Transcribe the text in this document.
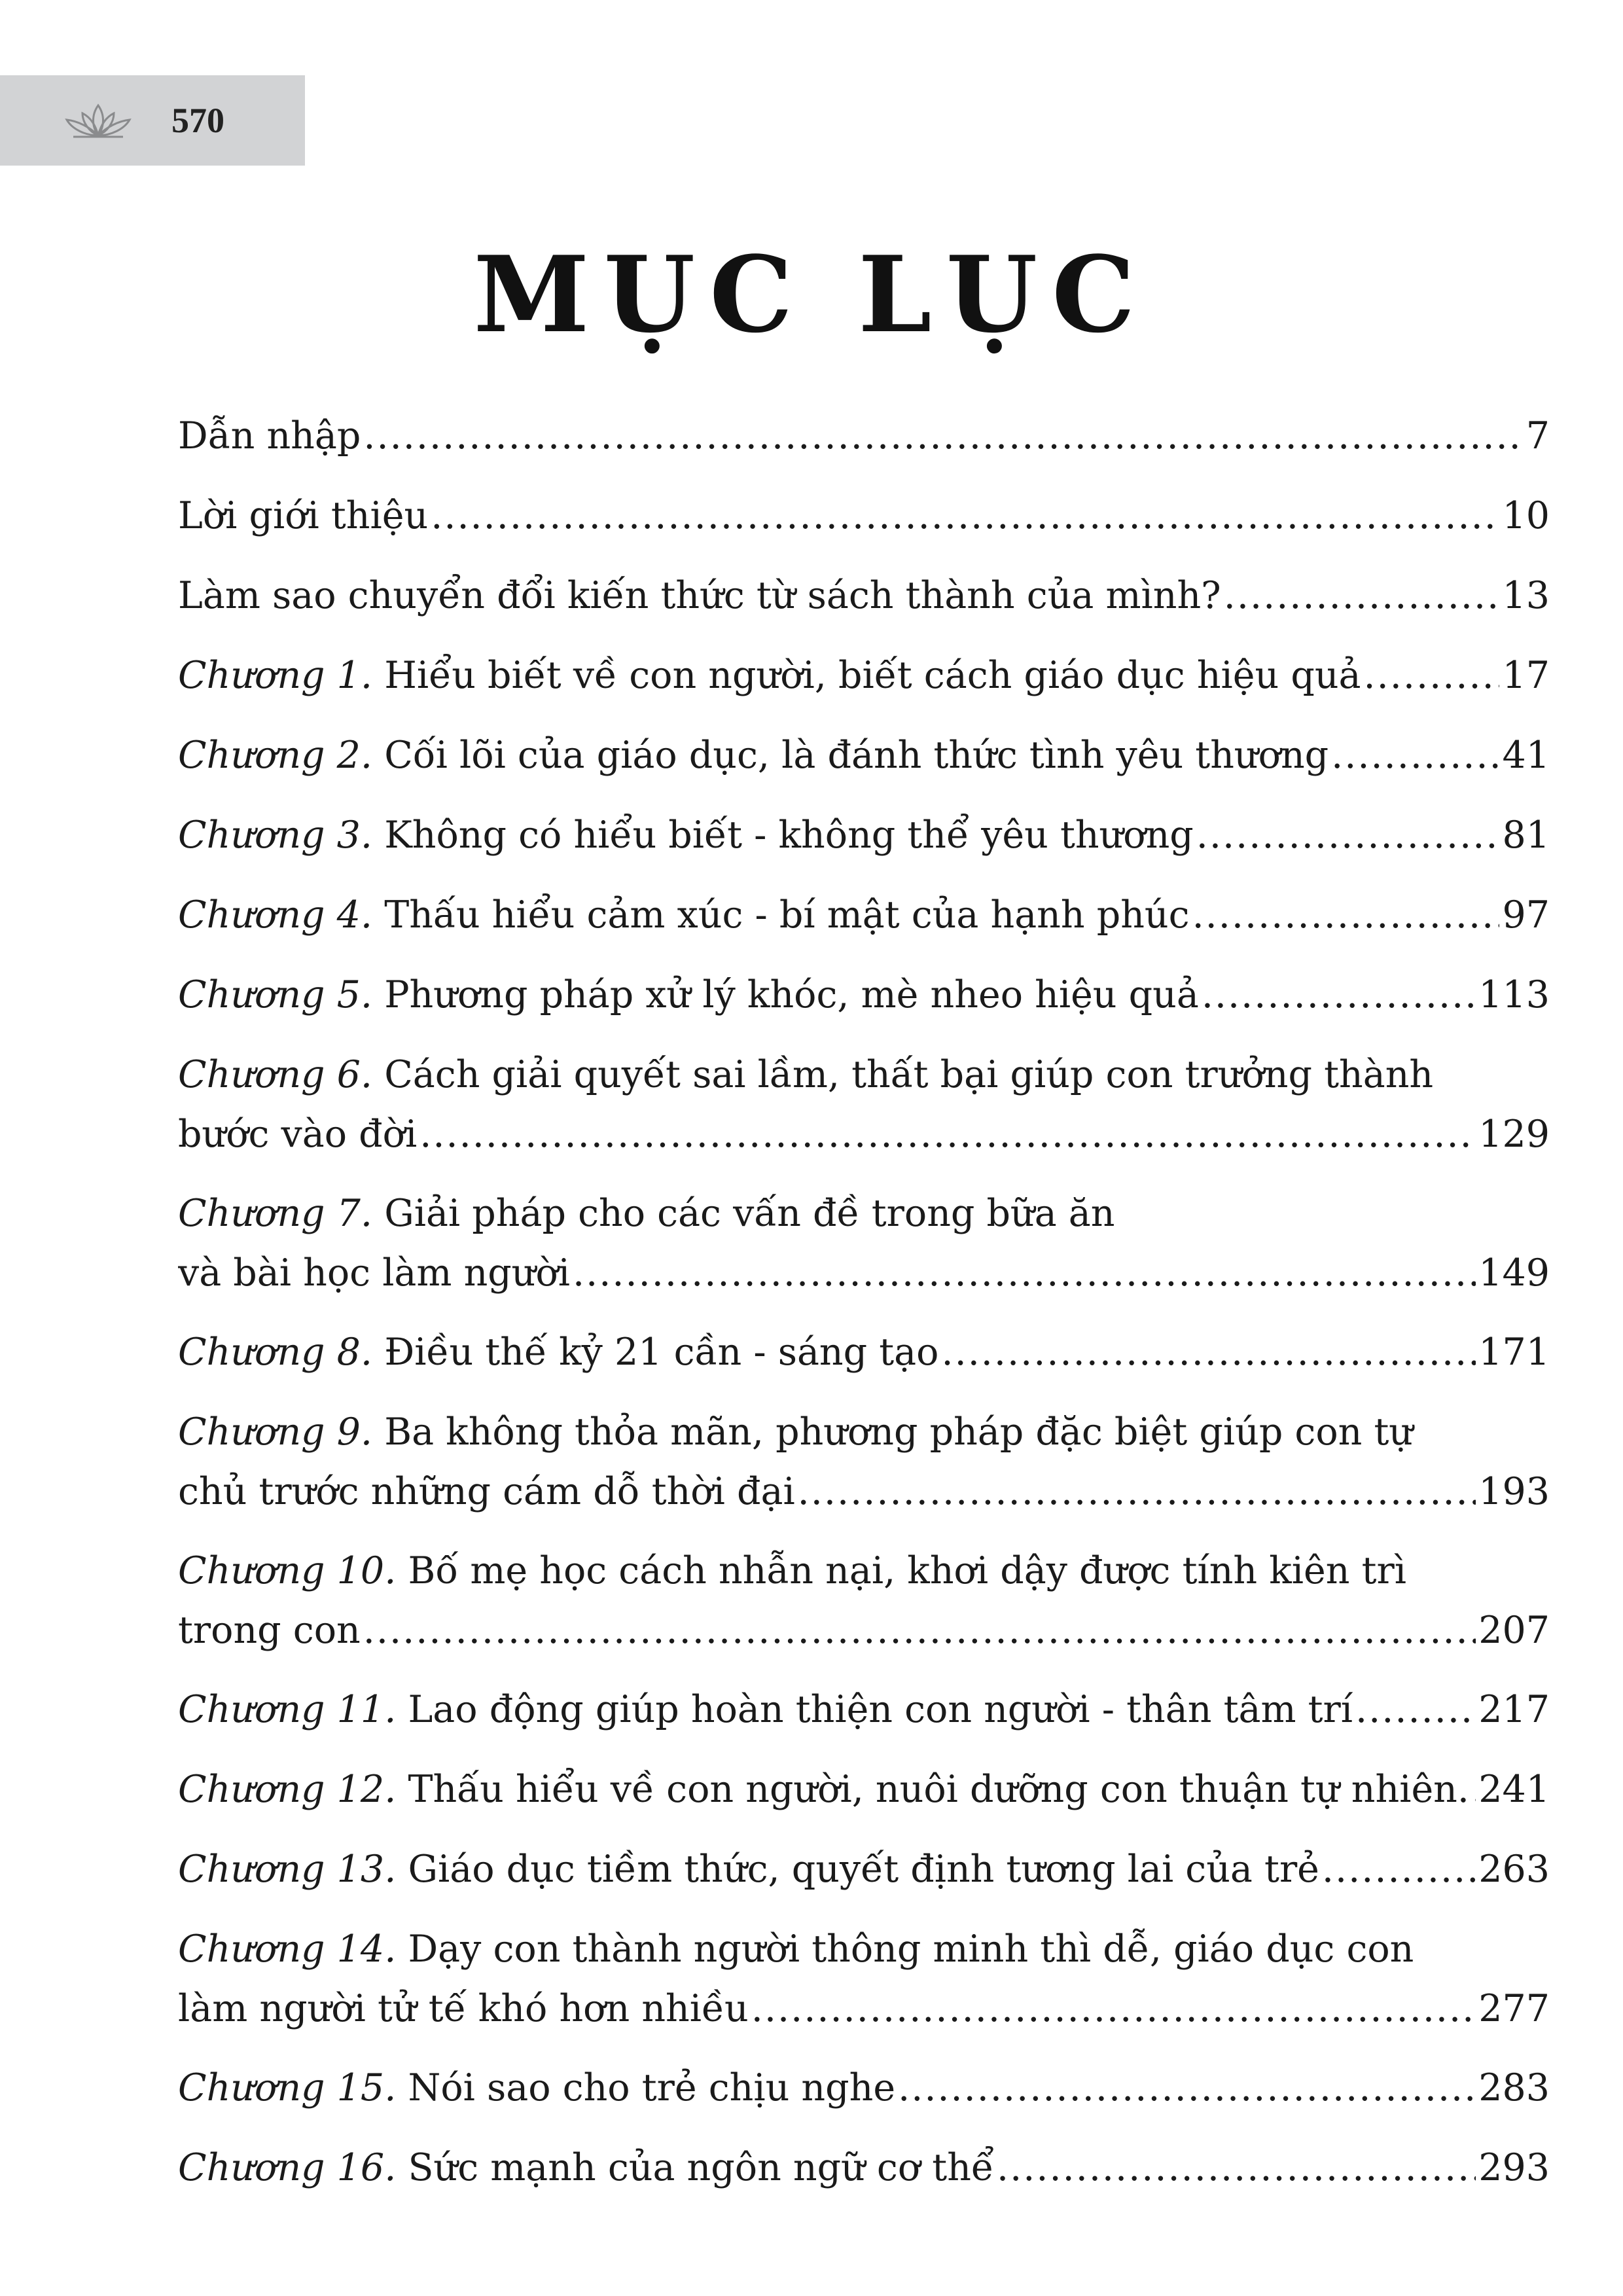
570
MỤC LỤC
Dẫn nhập .....	7
Lời giới thiệu .....	10
Làm sao chuyển đổi kiến thức từ sách thành của mình? .....	13
Chương 1. Hiểu biết về con người, biết cách giáo dục hiệu quả .....	17
Chương 2. Cối lõi của giáo dục, là đánh thức tình yêu thương .....	41
Chương 3. Không có hiểu biết - không thể yêu thương .....	81
Chương 4. Thấu hiểu cảm xúc - bí mật của hạnh phúc .....	97
Chương 5. Phương pháp xử lý khóc, mè nheo hiệu quả .....	113
Chương 6. Cách giải quyết sai lầm, thất bại giúp con trưởng thành
bước vào đời .....	129
Chương 7. Giải pháp cho các vấn đề trong bữa ăn
và bài học làm người .....	149
Chương 8. Điều thế kỷ 21 cần - sáng tạo .....	171
Chương 9. Ba không thỏa mãn, phương pháp đặc biệt giúp con tự
chủ trước những cám dỗ thời đại .....	193
Chương 10. Bố mẹ học cách nhẫn nại, khơi dậy được tính kiên trì
trong con .....	207
Chương 11. Lao động giúp hoàn thiện con người - thân tâm trí .....	217
Chương 12. Thấu hiểu về con người, nuôi dưỡng con thuận tự nhiên. ..... 241
Chương 13. Giáo dục tiềm thức, quyết định tương lai của trẻ .....	263
Chương 14. Dạy con thành người thông minh thì dễ, giáo dục con
làm người tử tế khó hơn nhiều .....	277
Chương 15. Nói sao cho trẻ chịu nghe .....	283
Chương 16. Sức mạnh của ngôn ngữ cơ thể .....	293
